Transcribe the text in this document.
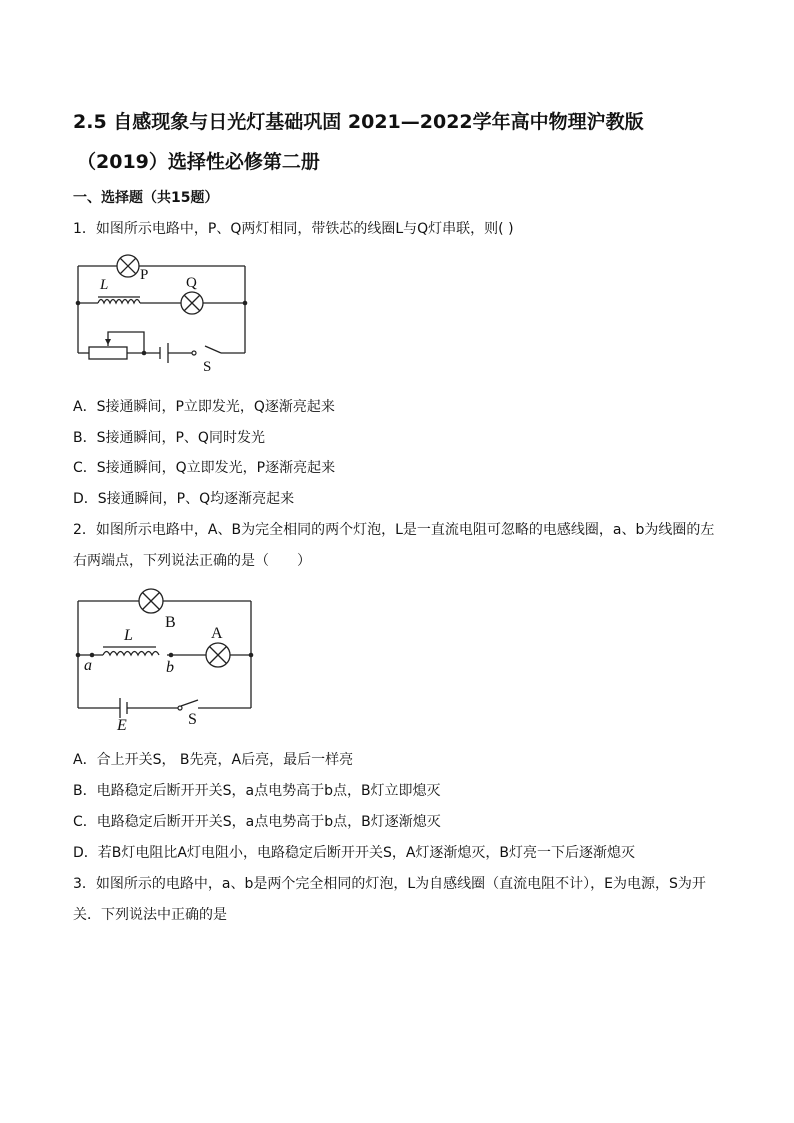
2.5 自感现象与日光灯基础巩固 2021—2022学年高中物理沪教版
（2019）选择性必修第二册
一、选择题（共15题）
1．如图所示电路中，P、Q两灯相同，带铁芯的线圈L与Q灯串联，则( )
P	Q
L
S
A．S接通瞬间，P立即发光，Q逐渐亮起来
B．S接通瞬间，P、Q同时发光
C．S接通瞬间，Q立即发光，P逐渐亮起来
D．S接通瞬间，P、Q均逐渐亮起来
2．如图所示电路中，A、B为完全相同的两个灯泡，L是一直流电阻可忽略的电感线圈，a、b为线圈的左
右两端点，下列说法正确的是（　　）
B
A
L
a	b
E	S
A．合上开关S， B先亮，A后亮，最后一样亮
B．电路稳定后断开开关S，a点电势高于b点，B灯立即熄灭
C．电路稳定后断开开关S，a点电势高于b点，B灯逐渐熄灭
D．若B灯电阻比A灯电阻小，电路稳定后断开开关S，A灯逐渐熄灭，B灯亮一下后逐渐熄灭
3．如图所示的电路中，a、b是两个完全相同的灯泡，L为自感线圈（直流电阻不计），E为电源，S为开
关．下列说法中正确的是
